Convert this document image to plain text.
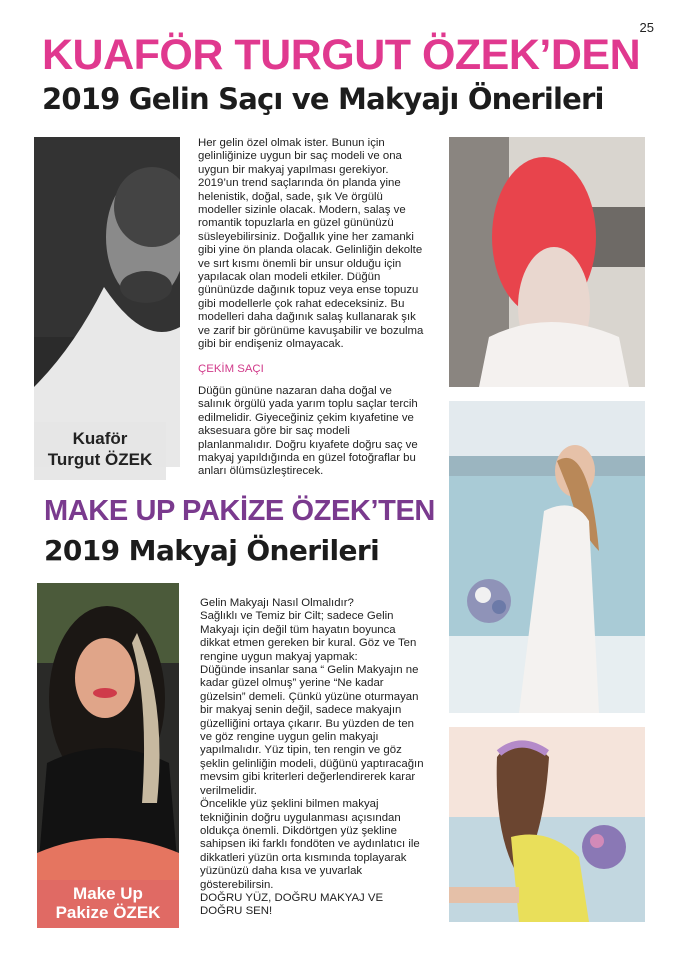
25
KUAFÖR TURGUT ÖZEK’DEN
2019 Gelin Saçı ve Makyajı Önerileri
Kuaför
Turgut ÖZEK
Her gelin özel olmak ister. Bunun için
gelinliğinize uygun bir saç modeli ve ona
uygun bir makyaj yapılması gerekiyor.
2019’un trend saçlarında ön planda yine
helenistik, doğal, sade, şık Ve örgülü
modeller sizinle olacak. Modern, salaş ve
romantik topuzlarla en güzel gününüzü
süsleyebilirsiniz. Doğallık yine her zamanki
gibi yine ön planda olacak. Gelinliğin dekolte
ve sırt kısmı önemli bir unsur olduğu için
yapılacak olan modeli etkiler. Düğün
gününüzde dağınık topuz veya ense topuzu
gibi modellerle çok rahat edeceksiniz. Bu
modelleri daha dağınık salaş kullanarak şık
ve zarif bir görünüme kavuşabilir ve bozulma
gibi bir endişeniz olmayacak.
ÇEKİM SAÇI
Düğün gününe nazaran daha doğal ve
salınık örgülü yada yarım toplu saçlar tercih
edilmelidir. Giyeceğiniz çekim kıyafetine ve
aksesuara göre bir saç modeli
planlanmalıdır. Doğru kıyafete doğru saç ve
makyaj yapıldığında en güzel fotoğraflar bu
anları ölümsüzleştirecek.
MAKE UP PAKİZE ÖZEK’TEN
2019 Makyaj Önerileri
Make Up
Pakize ÖZEK
Gelin Makyajı Nasıl Olmalıdır?
Sağlıklı ve Temiz bir Cilt; sadece Gelin
Makyajı için değil tüm hayatın boyunca
dikkat etmen gereken bir kural. Göz ve Ten
rengine uygun makyaj yapmak:
Düğünde insanlar sana “ Gelin Makyajın ne
kadar güzel olmuş” yerine “Ne kadar
güzelsin” demeli. Çünkü yüzüne oturmayan
bir makyaj senin değil, sadece makyajın
güzelliğini ortaya çıkarır. Bu yüzden de ten
ve göz rengine uygun gelin makyajı
yapılmalıdır. Yüz tipin, ten rengin ve göz
şeklin gelinliğin modeli, düğünü yaptıracağın
mevsim gibi kriterleri değerlendirerek karar
verilmelidir.
Öncelikle yüz şeklini bilmen makyaj
tekniğinin doğru uygulanması açısından
oldukça önemli. Dikdörtgen yüz şekline
sahipsen iki farklı fondöten ve aydınlatıcı ile
dikkatleri yüzün orta kısmında toplayarak
yüzünüzü daha kısa ve yuvarlak
gösterebilirsin.
DOĞRU YÜZ, DOĞRU MAKYAJ VE
DOĞRU SEN!
